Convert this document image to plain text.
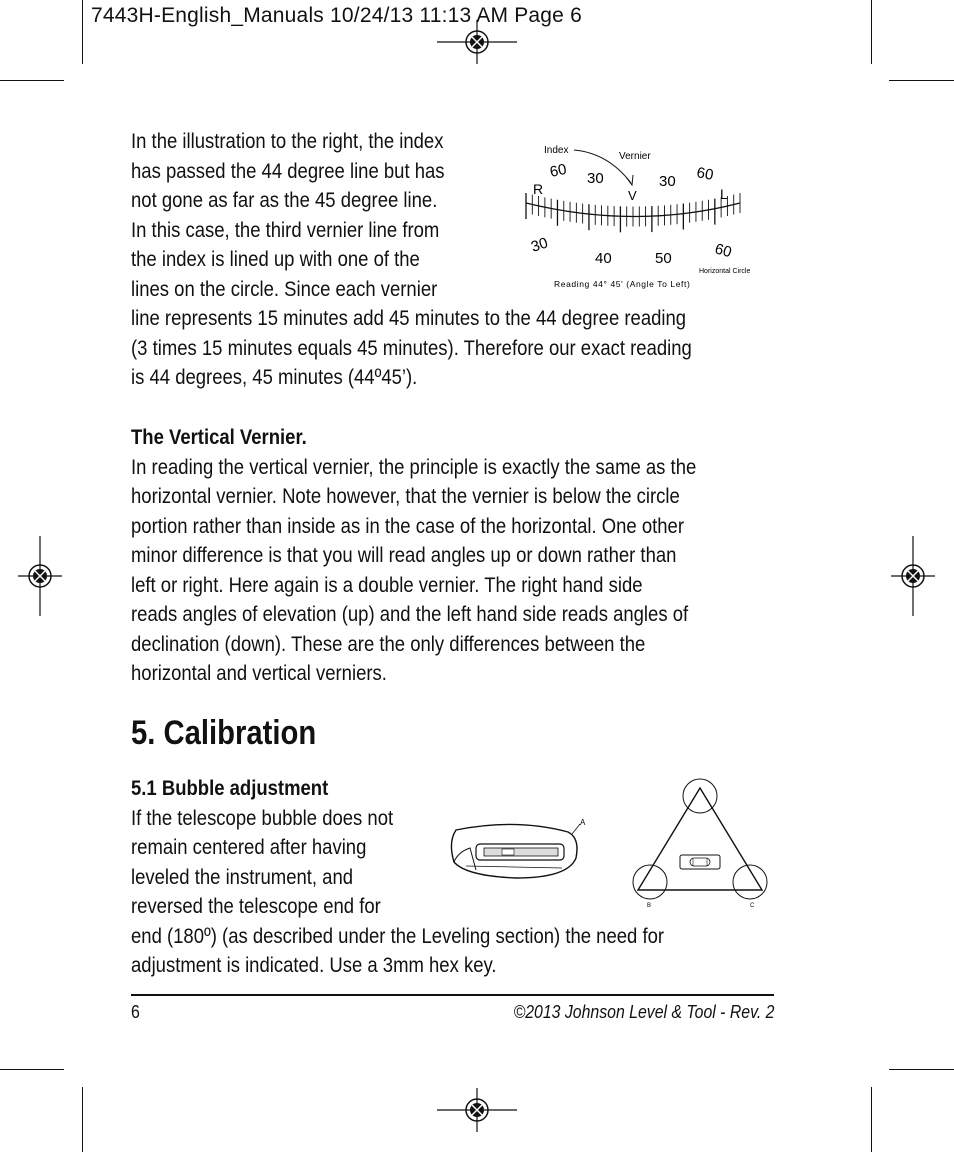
7443H-English_Manuals 10/24/13 11:13 AM Page 6
In the illustration to the right, the index
has passed the 44 degree line but has
not gone as far as the 45 degree line.
In this case, the third vernier line from
the index is lined up with one of the
lines on the circle. Since each vernier
line represents 15 minutes add 45 minutes to the 44 degree reading
(3 times 15 minutes equals 45 minutes). Therefore our exact reading
is 44 degrees, 45 minutes (44º45’).
Index
Vernier
60 30	30 60
R	V	L
30
40	50	60
Horizontal Circle
Reading 44° 45' (Angle To Left)
The Vertical Vernier.
In reading the vertical vernier, the principle is exactly the same as the
horizontal vernier. Note however, that the vernier is below the circle
portion rather than inside as in the case of the horizontal. One other
minor difference is that you will read angles up or down rather than
left or right. Here again is a double vernier. The right hand side
reads angles of elevation (up) and the left hand side reads angles of
declination (down). These are the only differences between the
horizontal and vertical verniers.
5. Calibration
5.1 Bubble adjustment
If the telescope bubble does not
remain centered after having
leveled the instrument, and
reversed the telescope end for
end (180º) (as described under the Leveling section) the need for
adjustment is indicated. Use a 3mm hex key.
A
B	C
6	©2013 Johnson Level & Tool - Rev. 2
